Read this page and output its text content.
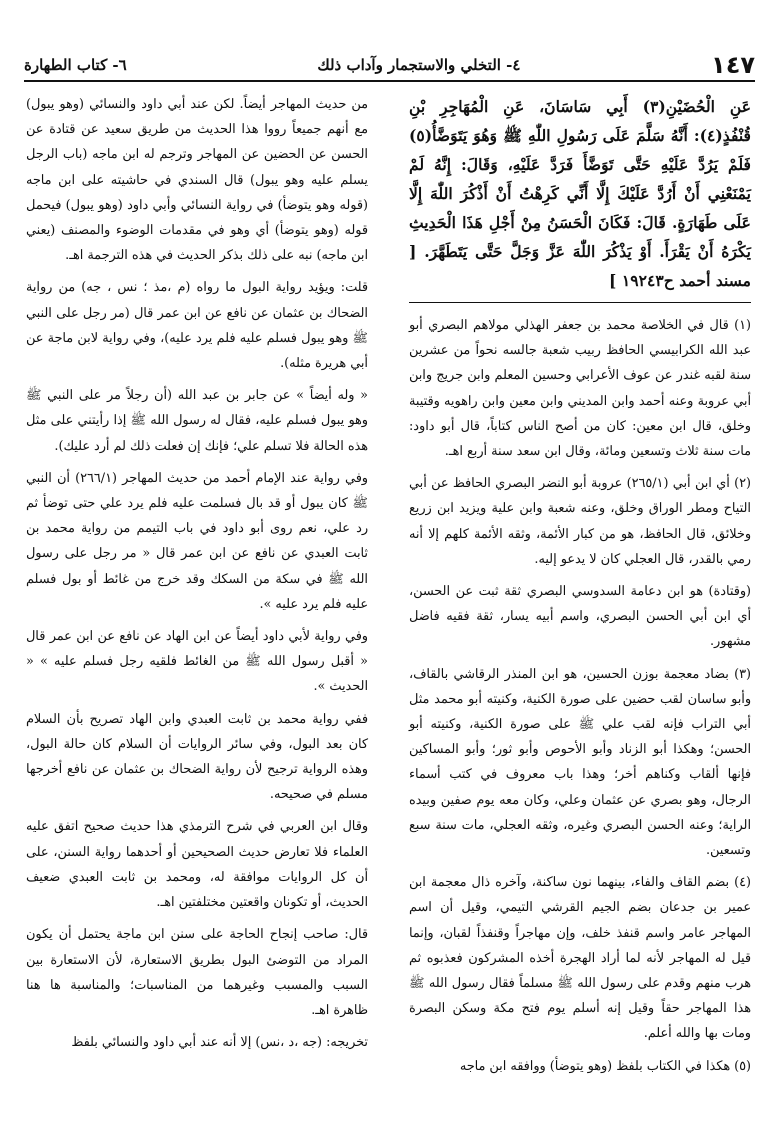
١٤٧
٤- التخلي والاستجمار وآداب ذلك
٦- كتاب الطهارة

عَنِ الْحُضَيْنِ(٣) أَبِي سَاسَانَ، عَنِ الْمُهَاجِرِ بْنِ قُنْفُذٍ(٤): أَنَّهُ سَلَّمَ عَلَى رَسُولِ اللّٰهِ ﷺ وَهُوَ يَتَوَضَّأُ(٥) فَلَمْ يَرُدَّ عَلَيْهِ حَتَّى تَوَضَّأَ فَرَدَّ عَلَيْهِ، وَقَالَ: إِنَّهُ لَمْ يَمْنَعْنِي أَنْ أَرُدَّ عَلَيْكَ إِلَّا أَنِّي كَرِهْتُ أَنْ أَذْكُرَ اللّٰهَ إِلَّا عَلَى طَهَارَةٍ. قَالَ: فَكَانَ الْحَسَنُ مِنْ أَجْلِ هَذَا الْحَدِيثِ يَكْرَهُ أَنْ يَقْرَأَ. أَوْ يَذْكُرَ اللّٰهَ عَزَّ وَجَلَّ حَتَّى يَتَطَهَّرَ. [ مسند أحمد ح١٩٢٤٣ ]

(١) قال في الخلاصة محمد بن جعفر الهذلي مولاهم البصري أبو عبد الله الكرابيسي الحافظ ربيب شعبة جالسه نحواً من عشرين سنة لقبه غندر عن عوف الأعرابي وحسين المعلم وابن جريج وابن أبي عروبة وعنه أحمد وابن المديني وابن معين وابن راهويه وقتيبة وخلق، قال ابن معين: كان من أصح الناس كتاباً، قال أبو داود: مات سنة ثلاث وتسعين ومائة، وقال ابن سعد سنة أربع اهـ.

(٢) أي ابن أبي (٢٦٥/١) عروبة أبو النضر البصري الحافظ عن أبي التياح ومطر الوراق وخلق، وعنه شعبة وابن علية ويزيد ابن زريع وخلائق، قال الحافظ، هو من كبار الأئمة، وثقه الأئمة كلهم إلا أنه رمي بالقدر، قال العجلي كان لا يدعو إليه.

(وقتادة) هو ابن دعامة السدوسي البصري ثقة ثبت عن الحسن، أي ابن أبي الحسن البصري، واسم أبيه يسار، ثقة فقيه فاضل مشهور.

(٣) بضاد معجمة بوزن الحسين، هو ابن المنذر الرقاشي بالقاف، وأبو ساسان لقب حضين على صورة الكنية، وكنيته أبو محمد مثل أبي التراب فإنه لقب علي ﷺ على صورة الكنية، وكنيته أبو الحسن؛ وهكذا أبو الزناد وأبو الأحوص وأبو ثور؛ وأبو المساكين فإنها ألقاب وكناهم أخر؛ وهذا باب معروف في كتب أسماء الرجال، وهو بصري عن عثمان وعلي، وكان معه يوم صفين وبيده الراية؛ وعنه الحسن البصري وغيره، وثقه العجلي، مات سنة سبع وتسعين.

(٤) بضم القاف والفاء، بينهما نون ساكنة، وآخره ذال معجمة ابن عمير بن جدعان بضم الجيم القرشي التيمي، وقيل أن اسم المهاجر عامر واسم قنفذ خلف، وإن مهاجراً وقنفذاً لقبان، وإنما قيل له المهاجر لأنه لما أراد الهجرة أخذه المشركون فعذبوه ثم هرب منهم وقدم على رسول الله ﷺ مسلماً فقال رسول الله ﷺ هذا المهاجر حقاً وقيل إنه أسلم يوم فتح مكة وسكن البصرة ومات بها والله أعلم.

(٥) هكذا في الكتاب بلفظ (وهو يتوضأ) ووافقه ابن ماجه

من حديث المهاجر أيضاً. لكن عند أبي داود والنسائي (وهو يبول) مع أنهم جميعاً رووا هذا الحديث من طريق سعيد عن قتادة عن الحسن عن الحضين عن المهاجر وترجم له ابن ماجه (باب الرجل يسلم عليه وهو يبول) قال السندي في حاشيته على ابن ماجه (قوله وهو يتوضأ) في رواية النسائي وأبي داود (وهو يبول) فيحمل قوله (وهو يتوضأ) أي وهو في مقدمات الوضوء والمصنف (يعني ابن ماجه) نبه على ذلك بذكر الحديث في هذه الترجمة اهـ.

قلت: ويؤيد رواية البول ما رواه (م ،مذ ؛ نس ، جه) من رواية الضحاك بن عثمان عن نافع عن ابن عمر قال (مر رجل على النبي ﷺ وهو يبول فسلم عليه فلم يرد عليه)، وفي رواية لابن ماجة عن أبي هريرة مثله).

« وله أيضاً » عن جابر بن عبد الله (أن رجلاً مر على النبي ﷺ وهو يبول فسلم عليه، فقال له رسول الله ﷺ إذا رأيتني على مثل هذه الحالة فلا تسلم علي؛ فإنك إن فعلت ذلك لم أرد عليك).

وفي رواية عند الإمام أحمد من حديث المهاجر (٢٦٦/١) أن النبي ﷺ كان يبول أو قد بال فسلمت عليه فلم يرد علي حتى توضأ ثم رد علي، نعم روى أبو داود في باب التيمم من رواية محمد بن ثابت العبدي عن نافع عن ابن عمر قال « مر رجل على رسول الله ﷺ في سكة من السكك وقد خرج من غائط أو بول فسلم عليه فلم يرد عليه ».

وفي رواية لأبي داود أيضاً عن ابن الهاد عن نافع عن ابن عمر قال « أقبل رسول الله ﷺ من الغائط فلقيه رجل فسلم عليه » « الحديث ».

ففي رواية محمد بن ثابت العبدي وابن الهاد تصريح بأن السلام كان بعد البول، وفي سائر الروايات أن السلام كان حالة البول، وهذه الرواية ترجيح لأن رواية الضحاك بن عثمان عن نافع أخرجها مسلم في صحيحه.

وقال ابن العربي في شرح الترمذي هذا حديث صحيح اتفق عليه العلماء فلا تعارض حديث الصحيحين أو أحدهما رواية السنن، على أن كل الروايات موافقة له، ومحمد بن ثابت العبدي ضعيف الحديث، أو تكونان واقعتين مختلفتين اهـ.

قال: صاحب إنجاح الحاجة على سنن ابن ماجة يحتمل أن يكون المراد من التوضئ البول بطريق الاستعارة، لأن الاستعارة بين السبب والمسبب وغيرهما من المناسبات؛ والمناسبة ها هنا ظاهرة اهـ.

تخريجه: (جه ،د ،نس) إلا أنه عند أبي داود والنسائي بلفظ
